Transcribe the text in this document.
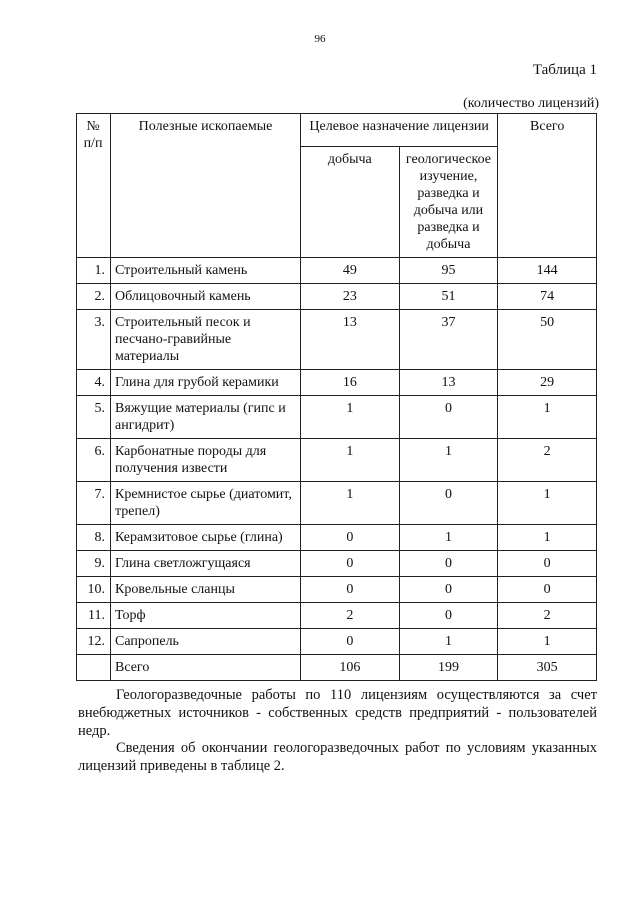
96
Таблица 1
(количество лицензий)
№ п/п	Полезные ископаемые	Целевое назначение лицензии		Всего
		добыча	геологическое изучение, разведка и добыча или разведка и добыча	
1.	Строительный камень	49	95	144
2.	Облицовочный камень	23	51	74
3.	Строительный песок и песчано-гравийные материалы	13	37	50
4.	Глина для грубой керамики	16	13	29
5.	Вяжущие материалы (гипс и ангидрит)	1	0	1
6.	Карбонатные породы для получения извести	1	1	2
7.	Кремнистое сырье (диатомит, трепел)	1	0	1
8.	Керамзитовое сырье (глина)	0	1	1
9.	Глина светложгущаяся	0	0	0
10.	Кровельные сланцы	0	0	0
11.	Торф	2	0	2
12.	Сапропель	0	1	1
	Всего	106	199	305

Геологоразведочные работы по 110 лицензиям осуществляются за счет внебюджетных источников - собственных средств предприятий - пользователей недр.

Сведения об окончании геологоразведочных работ по условиям указанных лицензий приведены в таблице 2.
